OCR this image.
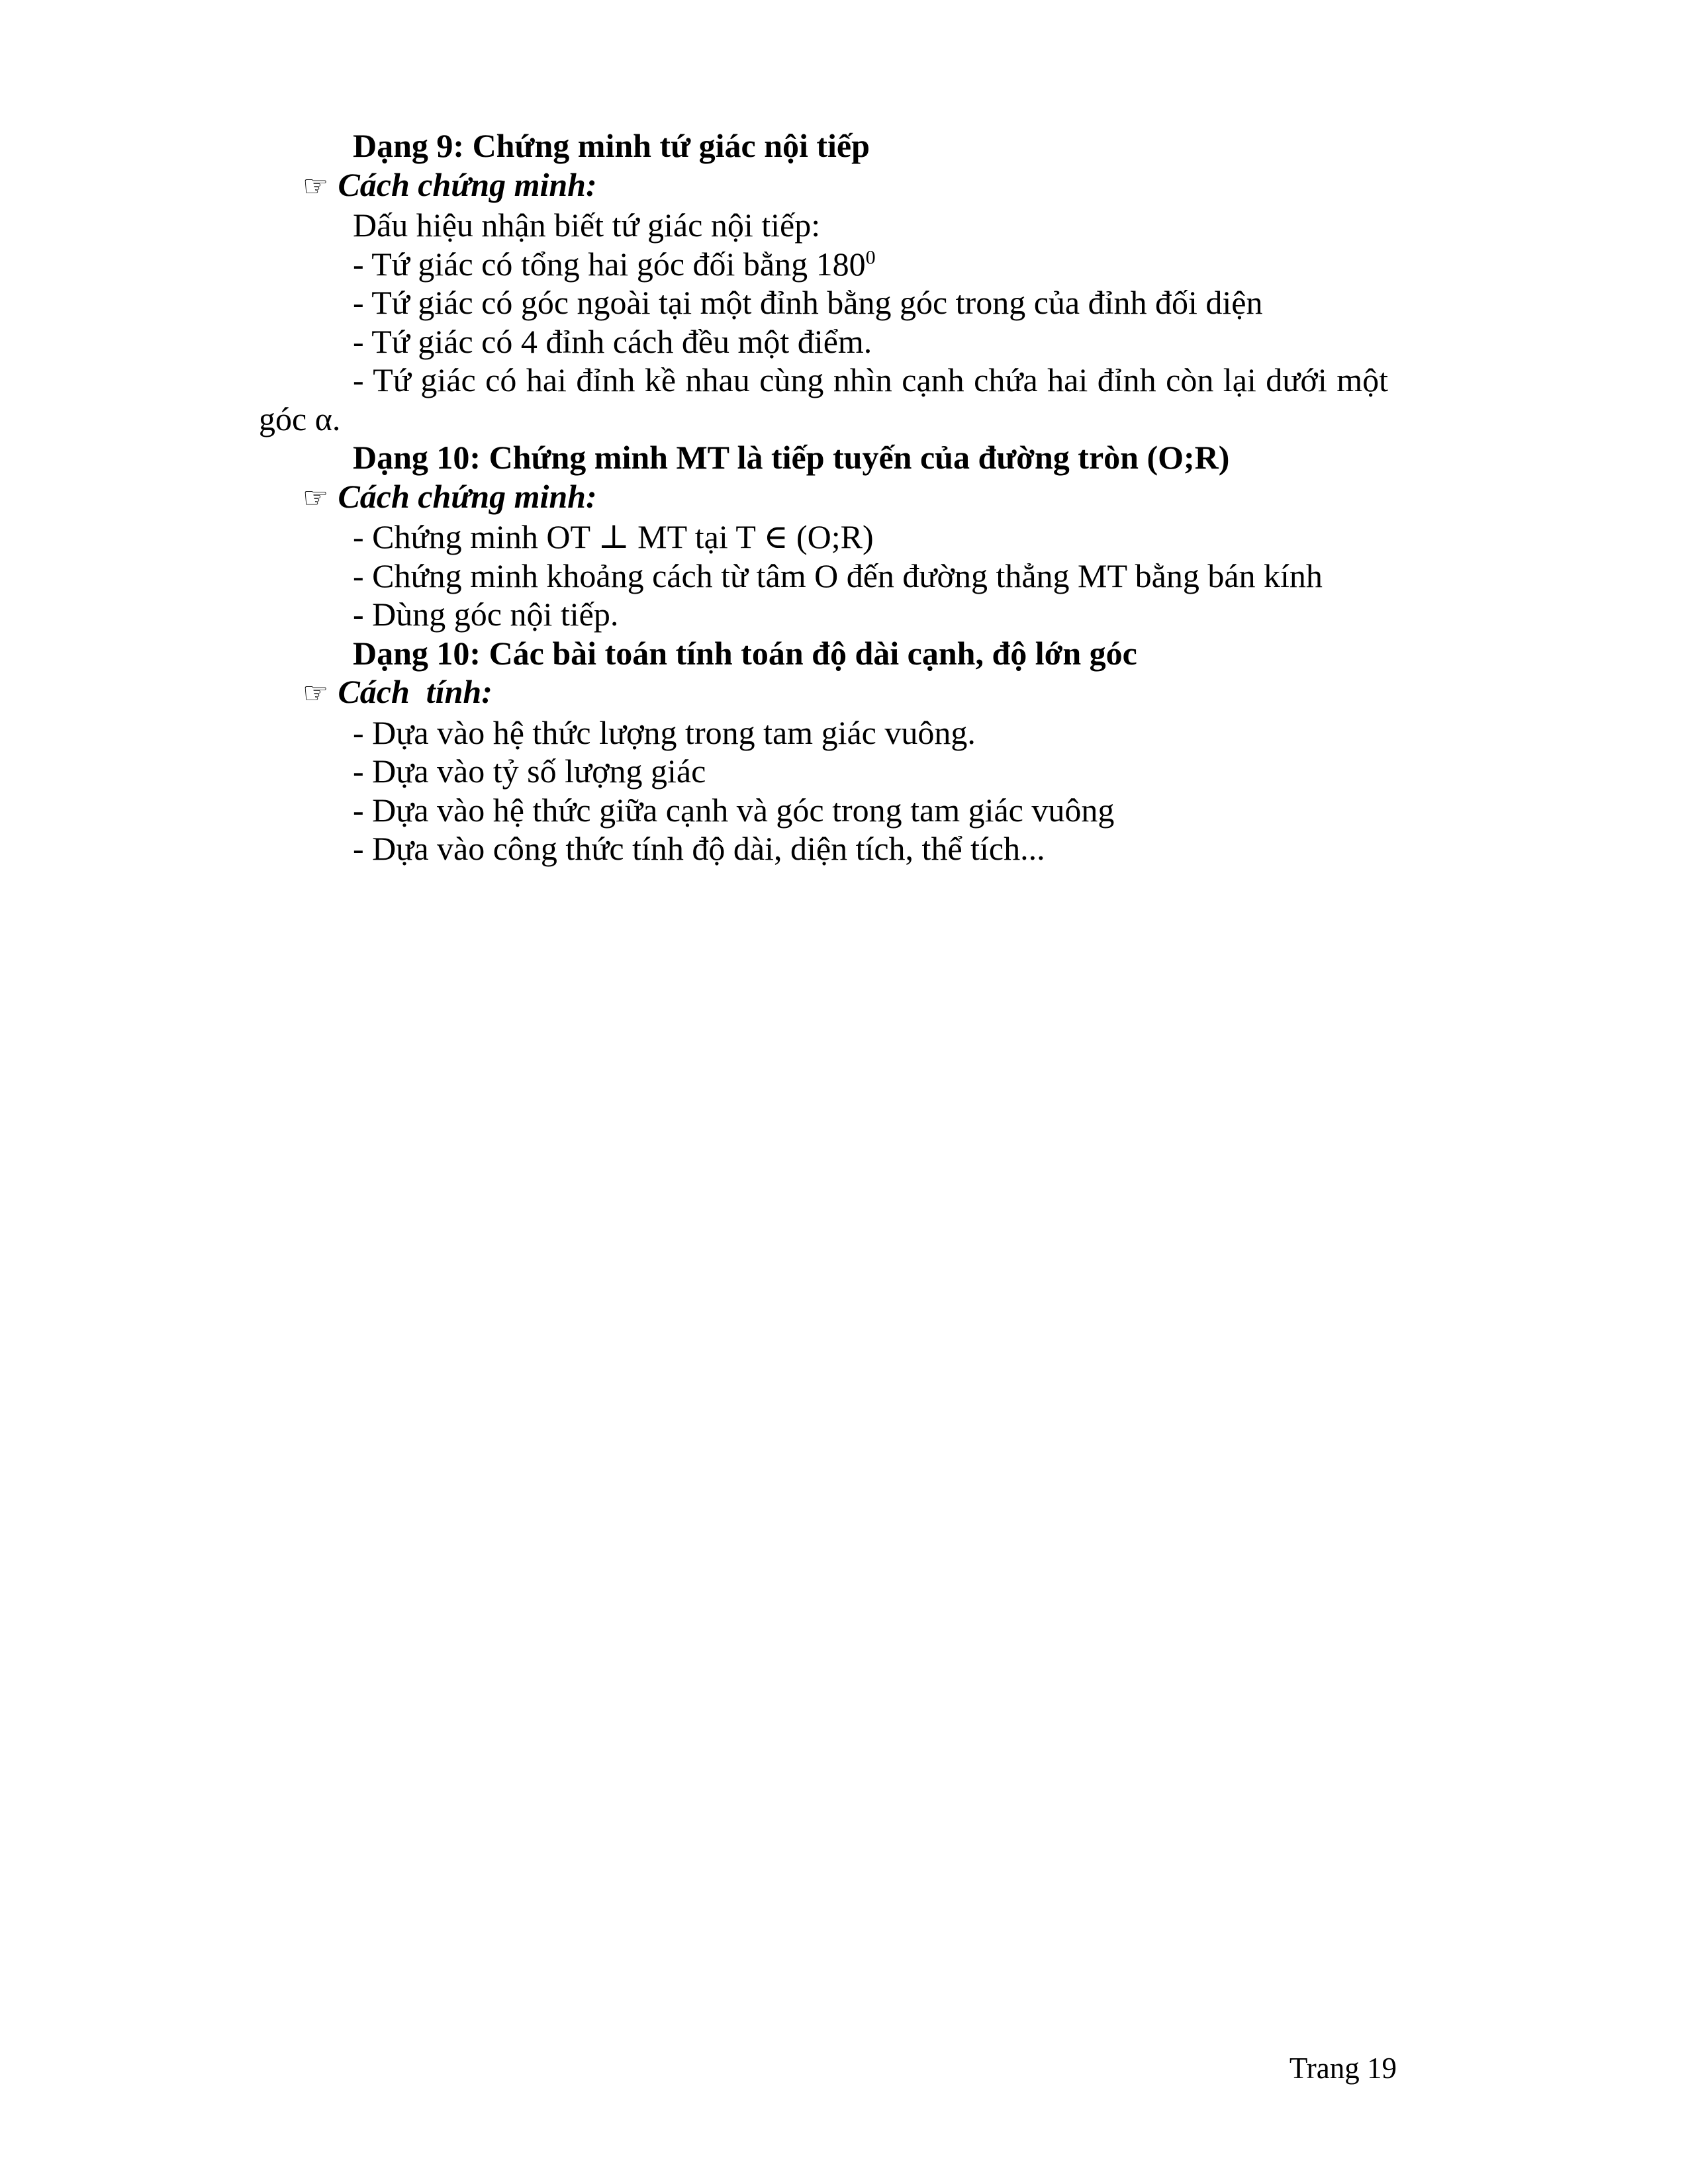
Dạng 9: Chứng minh tứ giác nội tiếp

☞ Cách chứng minh:

Dấu hiệu nhận biết tứ giác nội tiếp:

- Tứ giác có tổng hai góc đối bằng $180^0$

- Tứ giác có góc ngoài tại một đỉnh bằng góc trong của đỉnh đối diện

- Tứ giác có 4 đỉnh cách đều một điểm.

- Tứ giác có hai đỉnh kề nhau cùng nhìn cạnh chứa hai đỉnh còn lại dưới một

góc α.

Dạng 10: Chứng minh MT là tiếp tuyến của đường tròn (O;R)

☞ Cách chứng minh:

- Chứng minh OT ⊥ MT tại T ∈ (O;R)

- Chứng minh khoảng cách từ tâm O đến đường thẳng MT bằng bán kính

- Dùng góc nội tiếp.

Dạng 10: Các bài toán tính toán độ dài cạnh, độ lớn góc

☞ Cách  tính:

- Dựa vào hệ thức lượng trong tam giác vuông.

- Dựa vào tỷ số lượng giác

- Dựa vào hệ thức giữa cạnh và góc trong tam giác vuông

- Dựa vào công thức tính độ dài, diện tích, thể tích...

Trang 19
